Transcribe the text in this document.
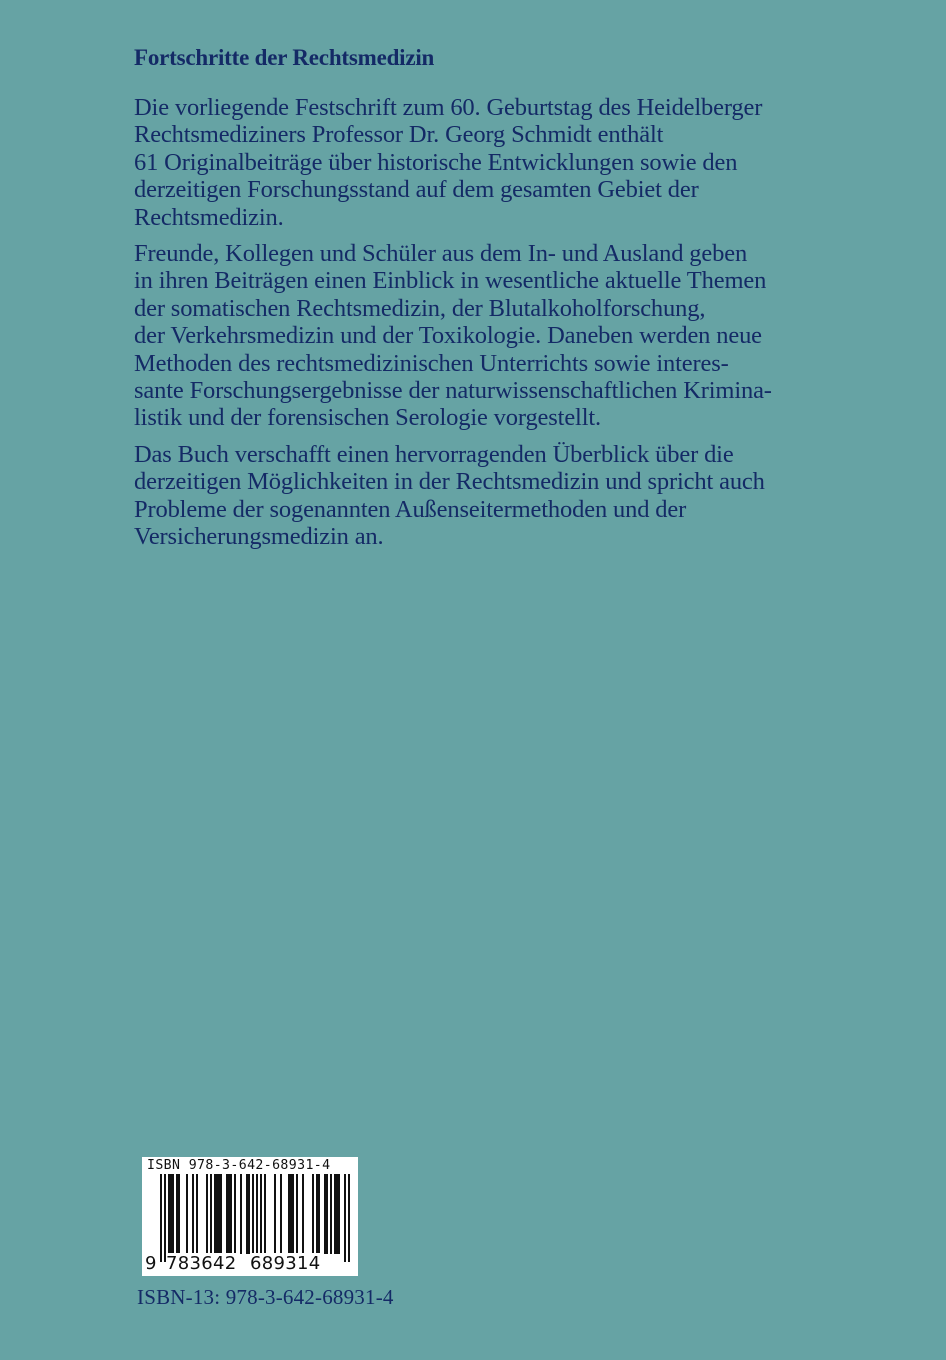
Fortschritte der Rechtsmedizin

Die vorliegende Festschrift zum 60. Geburtstag des Heidelberger
Rechtsmediziners Professor Dr. Georg Schmidt enthält
61 Originalbeiträge über historische Entwicklungen sowie den
derzeitigen Forschungsstand auf dem gesamten Gebiet der
Rechtsmedizin.

Freunde, Kollegen und Schüler aus dem In- und Ausland geben
in ihren Beiträgen einen Einblick in wesentliche aktuelle Themen
der somatischen Rechtsmedizin, der Blutalkoholforschung,
der Verkehrsmedizin und der Toxikologie. Daneben werden neue
Methoden des rechtsmedizinischen Unterrichts sowie interes-
sante Forschungsergebnisse der naturwissenschaftlichen Krimina-
listik und der forensischen Serologie vorgestellt.

Das Buch verschafft einen hervorragenden Überblick über die
derzeitigen Möglichkeiten in der Rechtsmedizin und spricht auch
Probleme der sogenannten Außenseitermethoden und der
Versicherungsmedizin an.

ISBN 978-3-642-68931-4
9 783642 689314
ISBN-13: 978-3-642-68931-4
